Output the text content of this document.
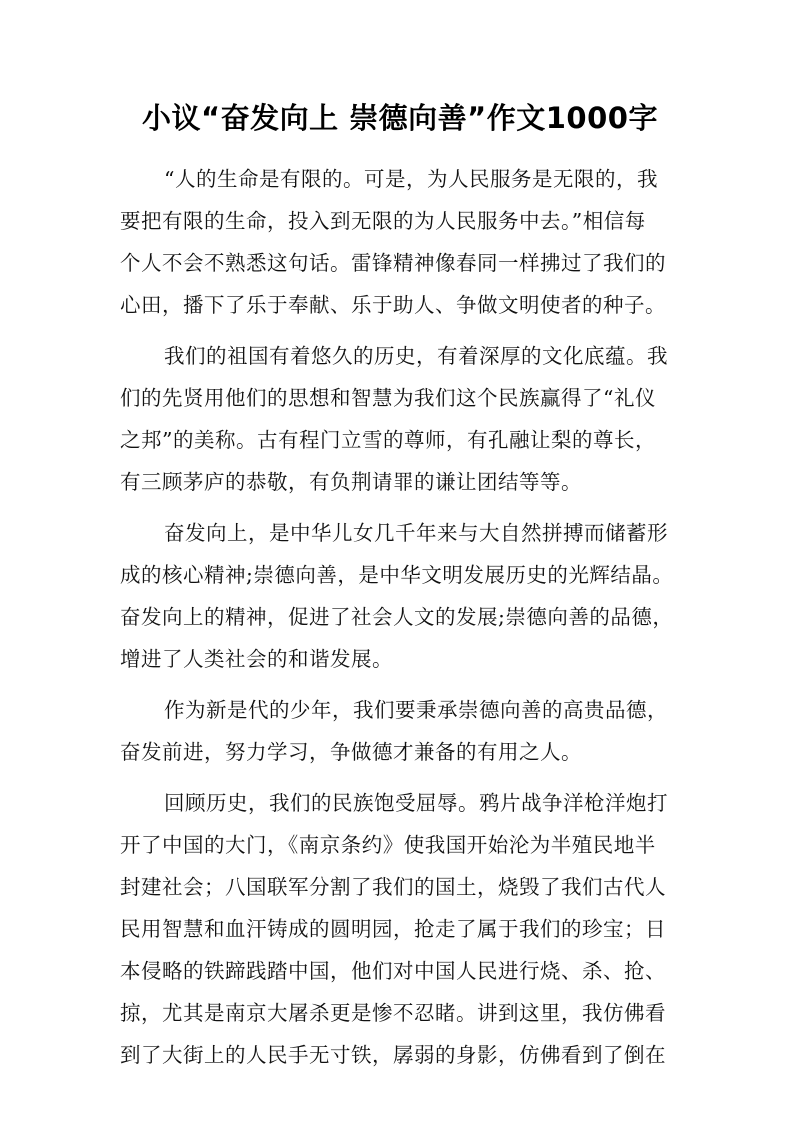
小议“奋发向上 崇德向善”作文1000字
“人的生命是有限的。可是，为人民服务是无限的，我
要把有限的生命，投入到无限的为人民服务中去。”相信每
个人不会不熟悉这句话。雷锋精神像春同一样拂过了我们的
心田，播下了乐于奉献、乐于助人、争做文明使者的种子。
我们的祖国有着悠久的历史，有着深厚的文化底蕴。我
们的先贤用他们的思想和智慧为我们这个民族赢得了“礼仪
之邦”的美称。古有程门立雪的尊师，有孔融让梨的尊长，
有三顾茅庐的恭敬，有负荆请罪的谦让团结等等。
奋发向上，是中华儿女几千年来与大自然拼搏而储蓄形
成的核心精神;崇德向善，是中华文明发展历史的光辉结晶。
奋发向上的精神，促进了社会人文的发展;崇德向善的品德，
增进了人类社会的和谐发展。
作为新是代的少年，我们要秉承崇德向善的高贵品德，
奋发前进，努力学习，争做德才兼备的有用之人。
回顾历史，我们的民族饱受屈辱。鸦片战争洋枪洋炮打
开了中国的大门，《南京条约》使我国开始沦为半殖民地半
封建社会；八国联军分割了我们的国土，烧毁了我们古代人
民用智慧和血汗铸成的圆明园，抢走了属于我们的珍宝；日
本侵略的铁蹄践踏中国，他们对中国人民进行烧、杀、抢、
掠，尤其是南京大屠杀更是惨不忍睹。讲到这里，我仿佛看
到了大街上的人民手无寸铁，孱弱的身影，仿佛看到了倒在
